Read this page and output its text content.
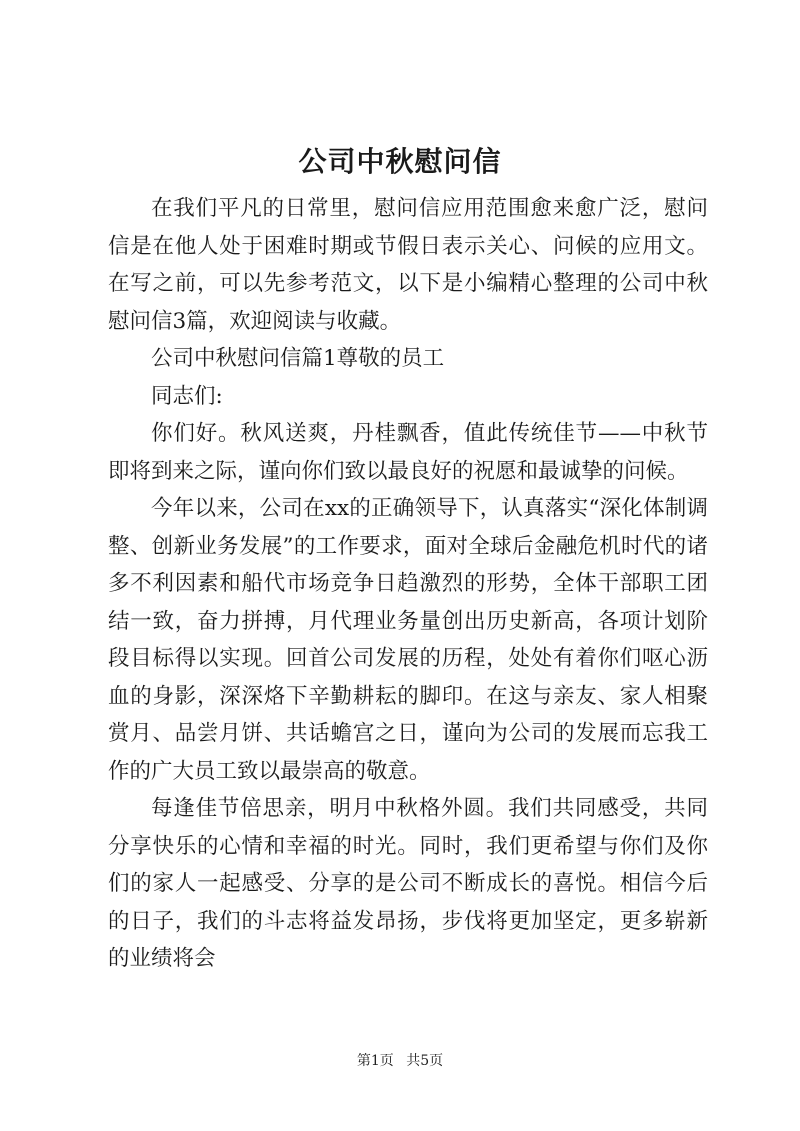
公司中秋慰问信

在我们平凡的日常里，慰问信应用范围愈来愈广泛，慰问信是在他人处于困难时期或节假日表示关心、问候的应用文。在写之前，可以先参考范文，以下是小编精心整理的公司中秋慰问信3篇，欢迎阅读与收藏。

公司中秋慰问信篇1尊敬的员工

同志们:

你们好。秋风送爽，丹桂飘香，值此传统佳节——中秋节即将到来之际，谨向你们致以最良好的祝愿和最诚挚的问候。

今年以来，公司在xx的正确领导下，认真落实“深化体制调整、创新业务发展”的工作要求，面对全球后金融危机时代的诸多不利因素和船代市场竞争日趋激烈的形势，全体干部职工团结一致，奋力拼搏，月代理业务量创出历史新高，各项计划阶段目标得以实现。回首公司发展的历程，处处有着你们呕心沥血的身影，深深烙下辛勤耕耘的脚印。在这与亲友、家人相聚赏月、品尝月饼、共话蟾宫之日，谨向为公司的发展而忘我工作的广大员工致以最崇高的敬意。

每逢佳节倍思亲，明月中秋格外圆。我们共同感受，共同分享快乐的心情和幸福的时光。同时，我们更希望与你们及你们的家人一起感受、分享的是公司不断成长的喜悦。相信今后的日子，我们的斗志将益发昂扬，步伐将更加坚定，更多崭新的业绩将会

第1页 共5页
